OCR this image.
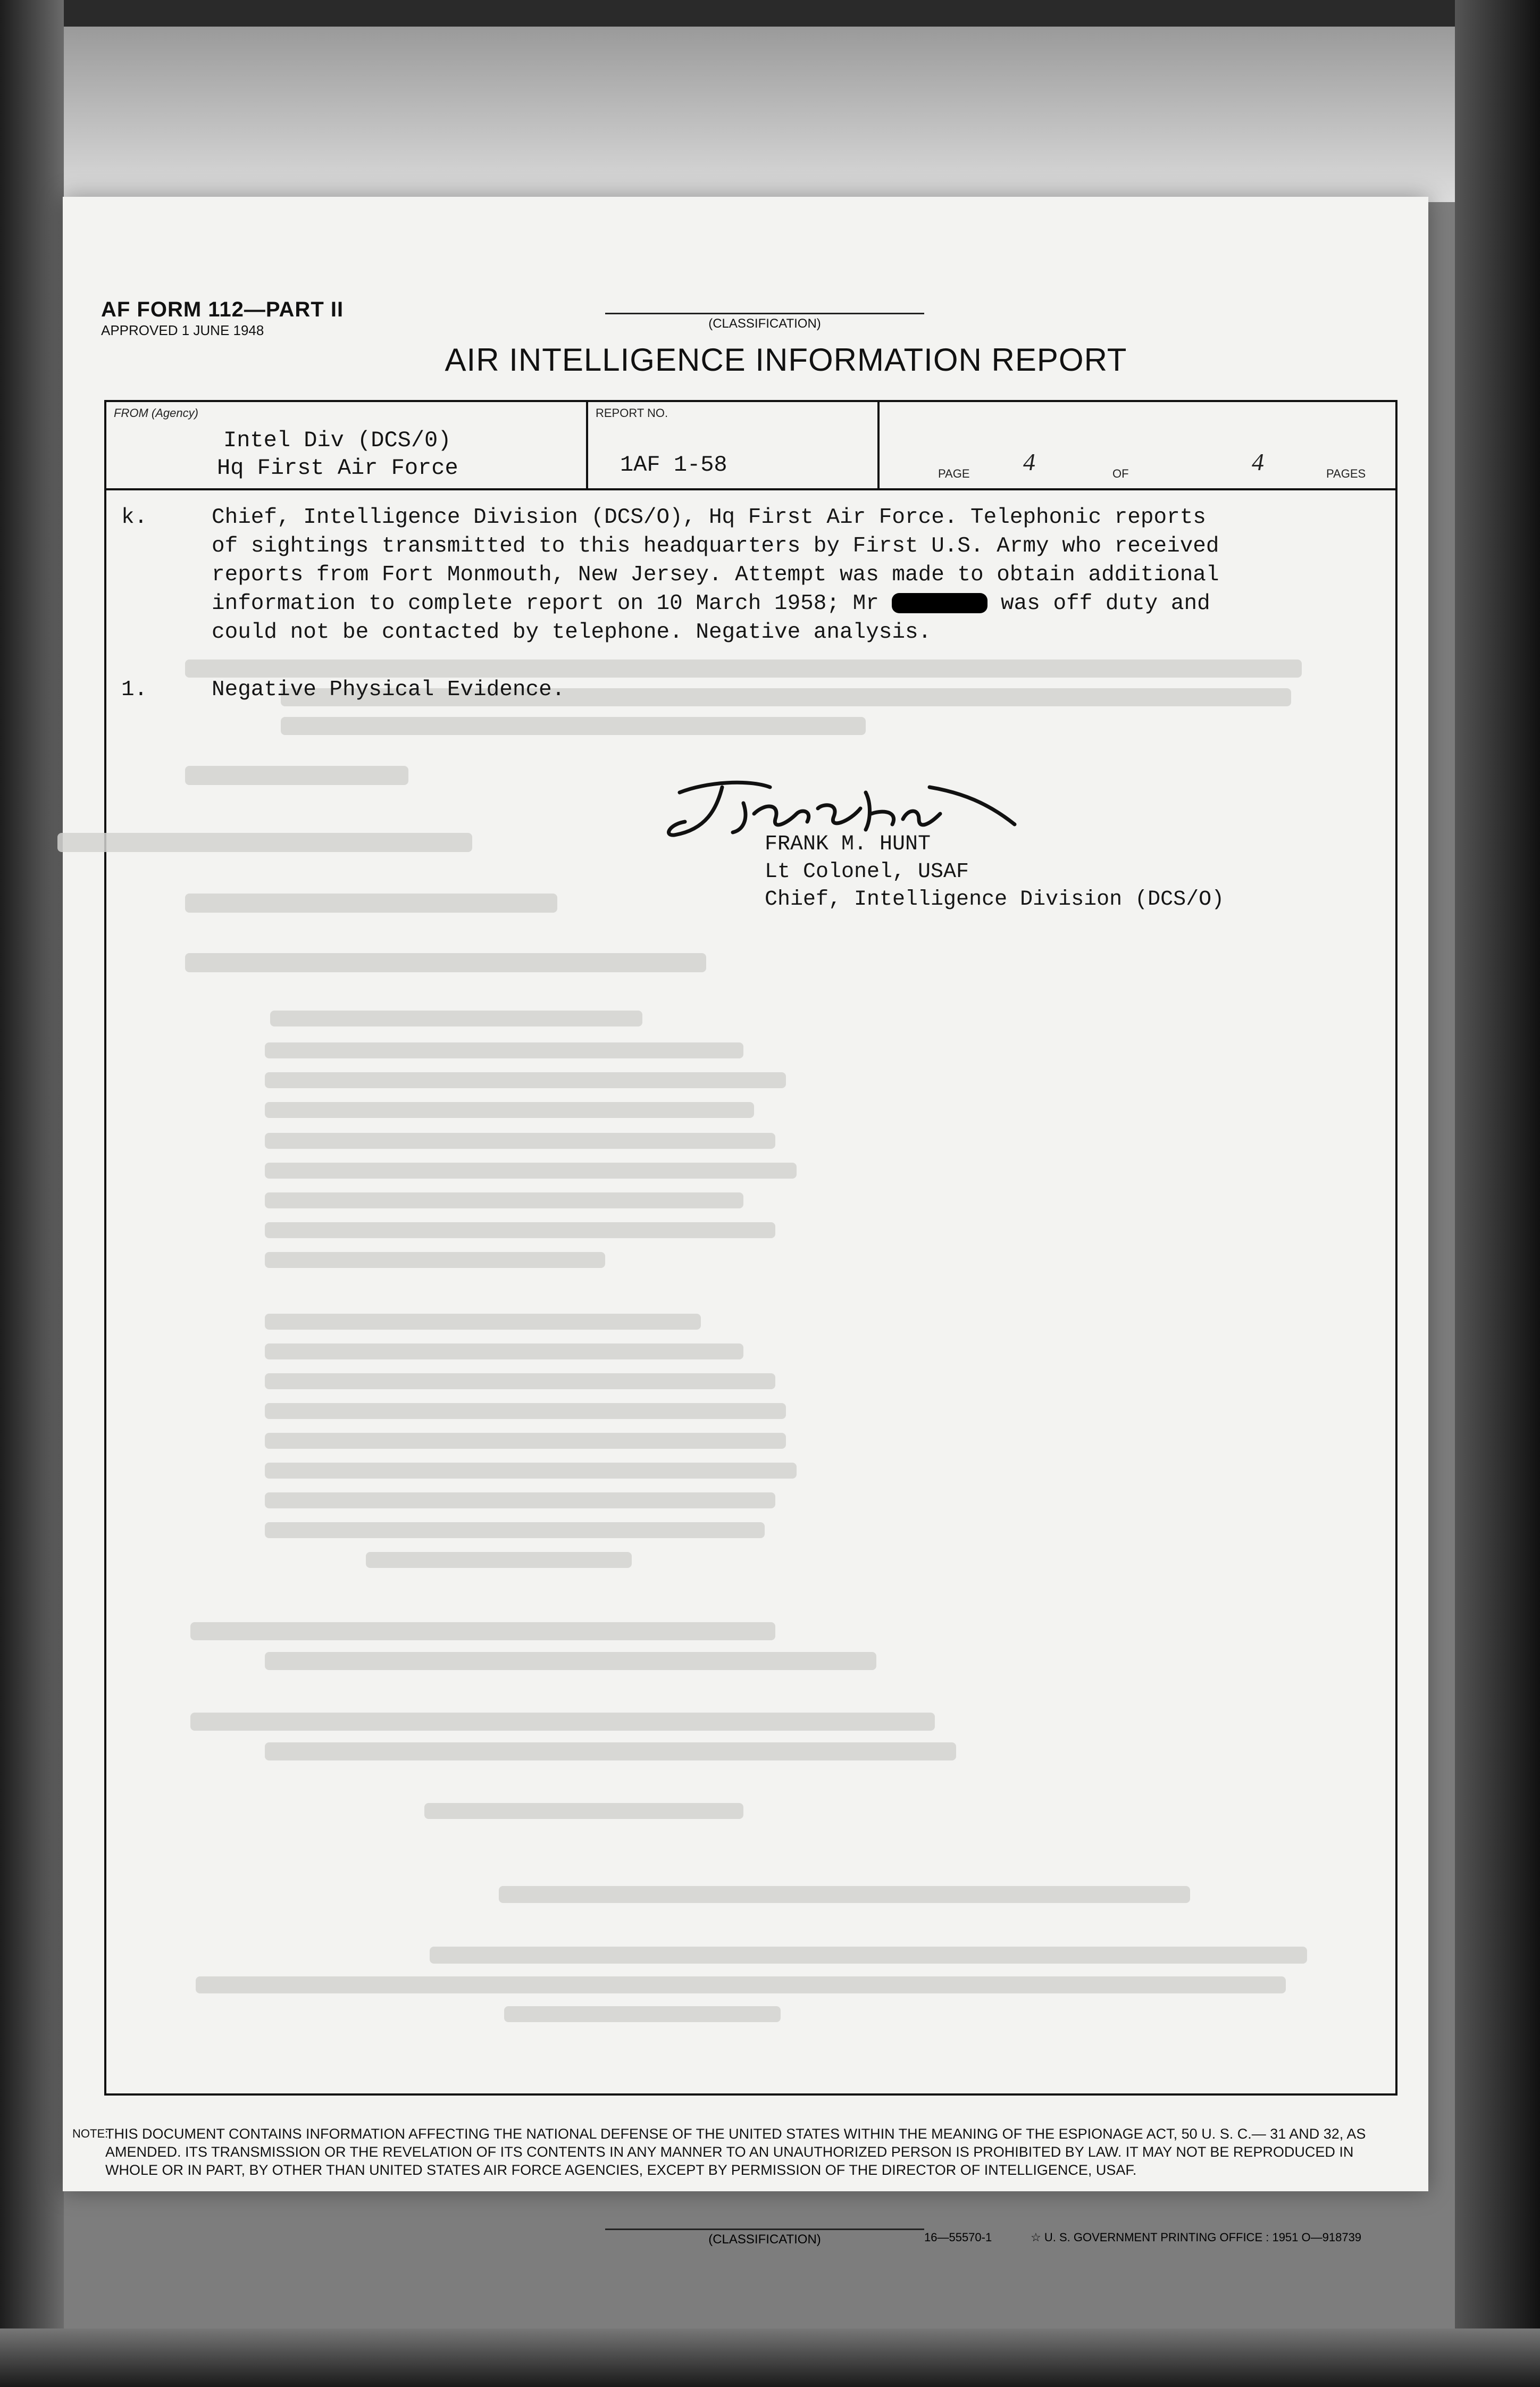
AF FORM 112—PART II
APPROVED 1 JUNE 1948	(CLASSIFICATION)
AIR INTELLIGENCE INFORMATION REPORT
FROM (Agency)
Intel Div (DCS/0)
Hq First Air Force
REPORT NO.
1AF 1-58	PAGE 4	OF	4	PAGES
k.	Chief, Intelligence Division (DCS/O), Hq First Air Force. Telephonic reports
of sightings transmitted to this headquarters by First U.S. Army who received
reports from Fort Monmouth, New Jersey. Attempt was made to obtain additional
information to complete report on 10 March 1958; Mr	was off duty and
could not be contacted by telephone. Negative analysis.
1.	Negative Physical Evidence.
FRANK M. HUNT
Lt Colonel, USAF
Chief, Intelligence Division (DCS/O)
NOTE:
THIS DOCUMENT CONTAINS INFORMATION AFFECTING THE NATIONAL DEFENSE OF THE UNITED STATES WITHIN THE MEANING OF THE ESPIONAGE ACT, 50 U. S. C.— 31 AND 32, AS AMENDED. ITS TRANSMISSION OR THE REVELATION OF ITS CONTENTS IN ANY MANNER TO AN UNAUTHORIZED PERSON IS PROHIBITED BY LAW. IT MAY NOT BE REPRODUCED IN WHOLE OR IN PART, BY OTHER THAN UNITED STATES AIR FORCE AGENCIES, EXCEPT BY PERMISSION OF THE DIRECTOR OF INTELLIGENCE, USAF.
(CLASSIFICATION)	16—55570-1	☆ U. S. GOVERNMENT PRINTING OFFICE : 1951 O—918739
